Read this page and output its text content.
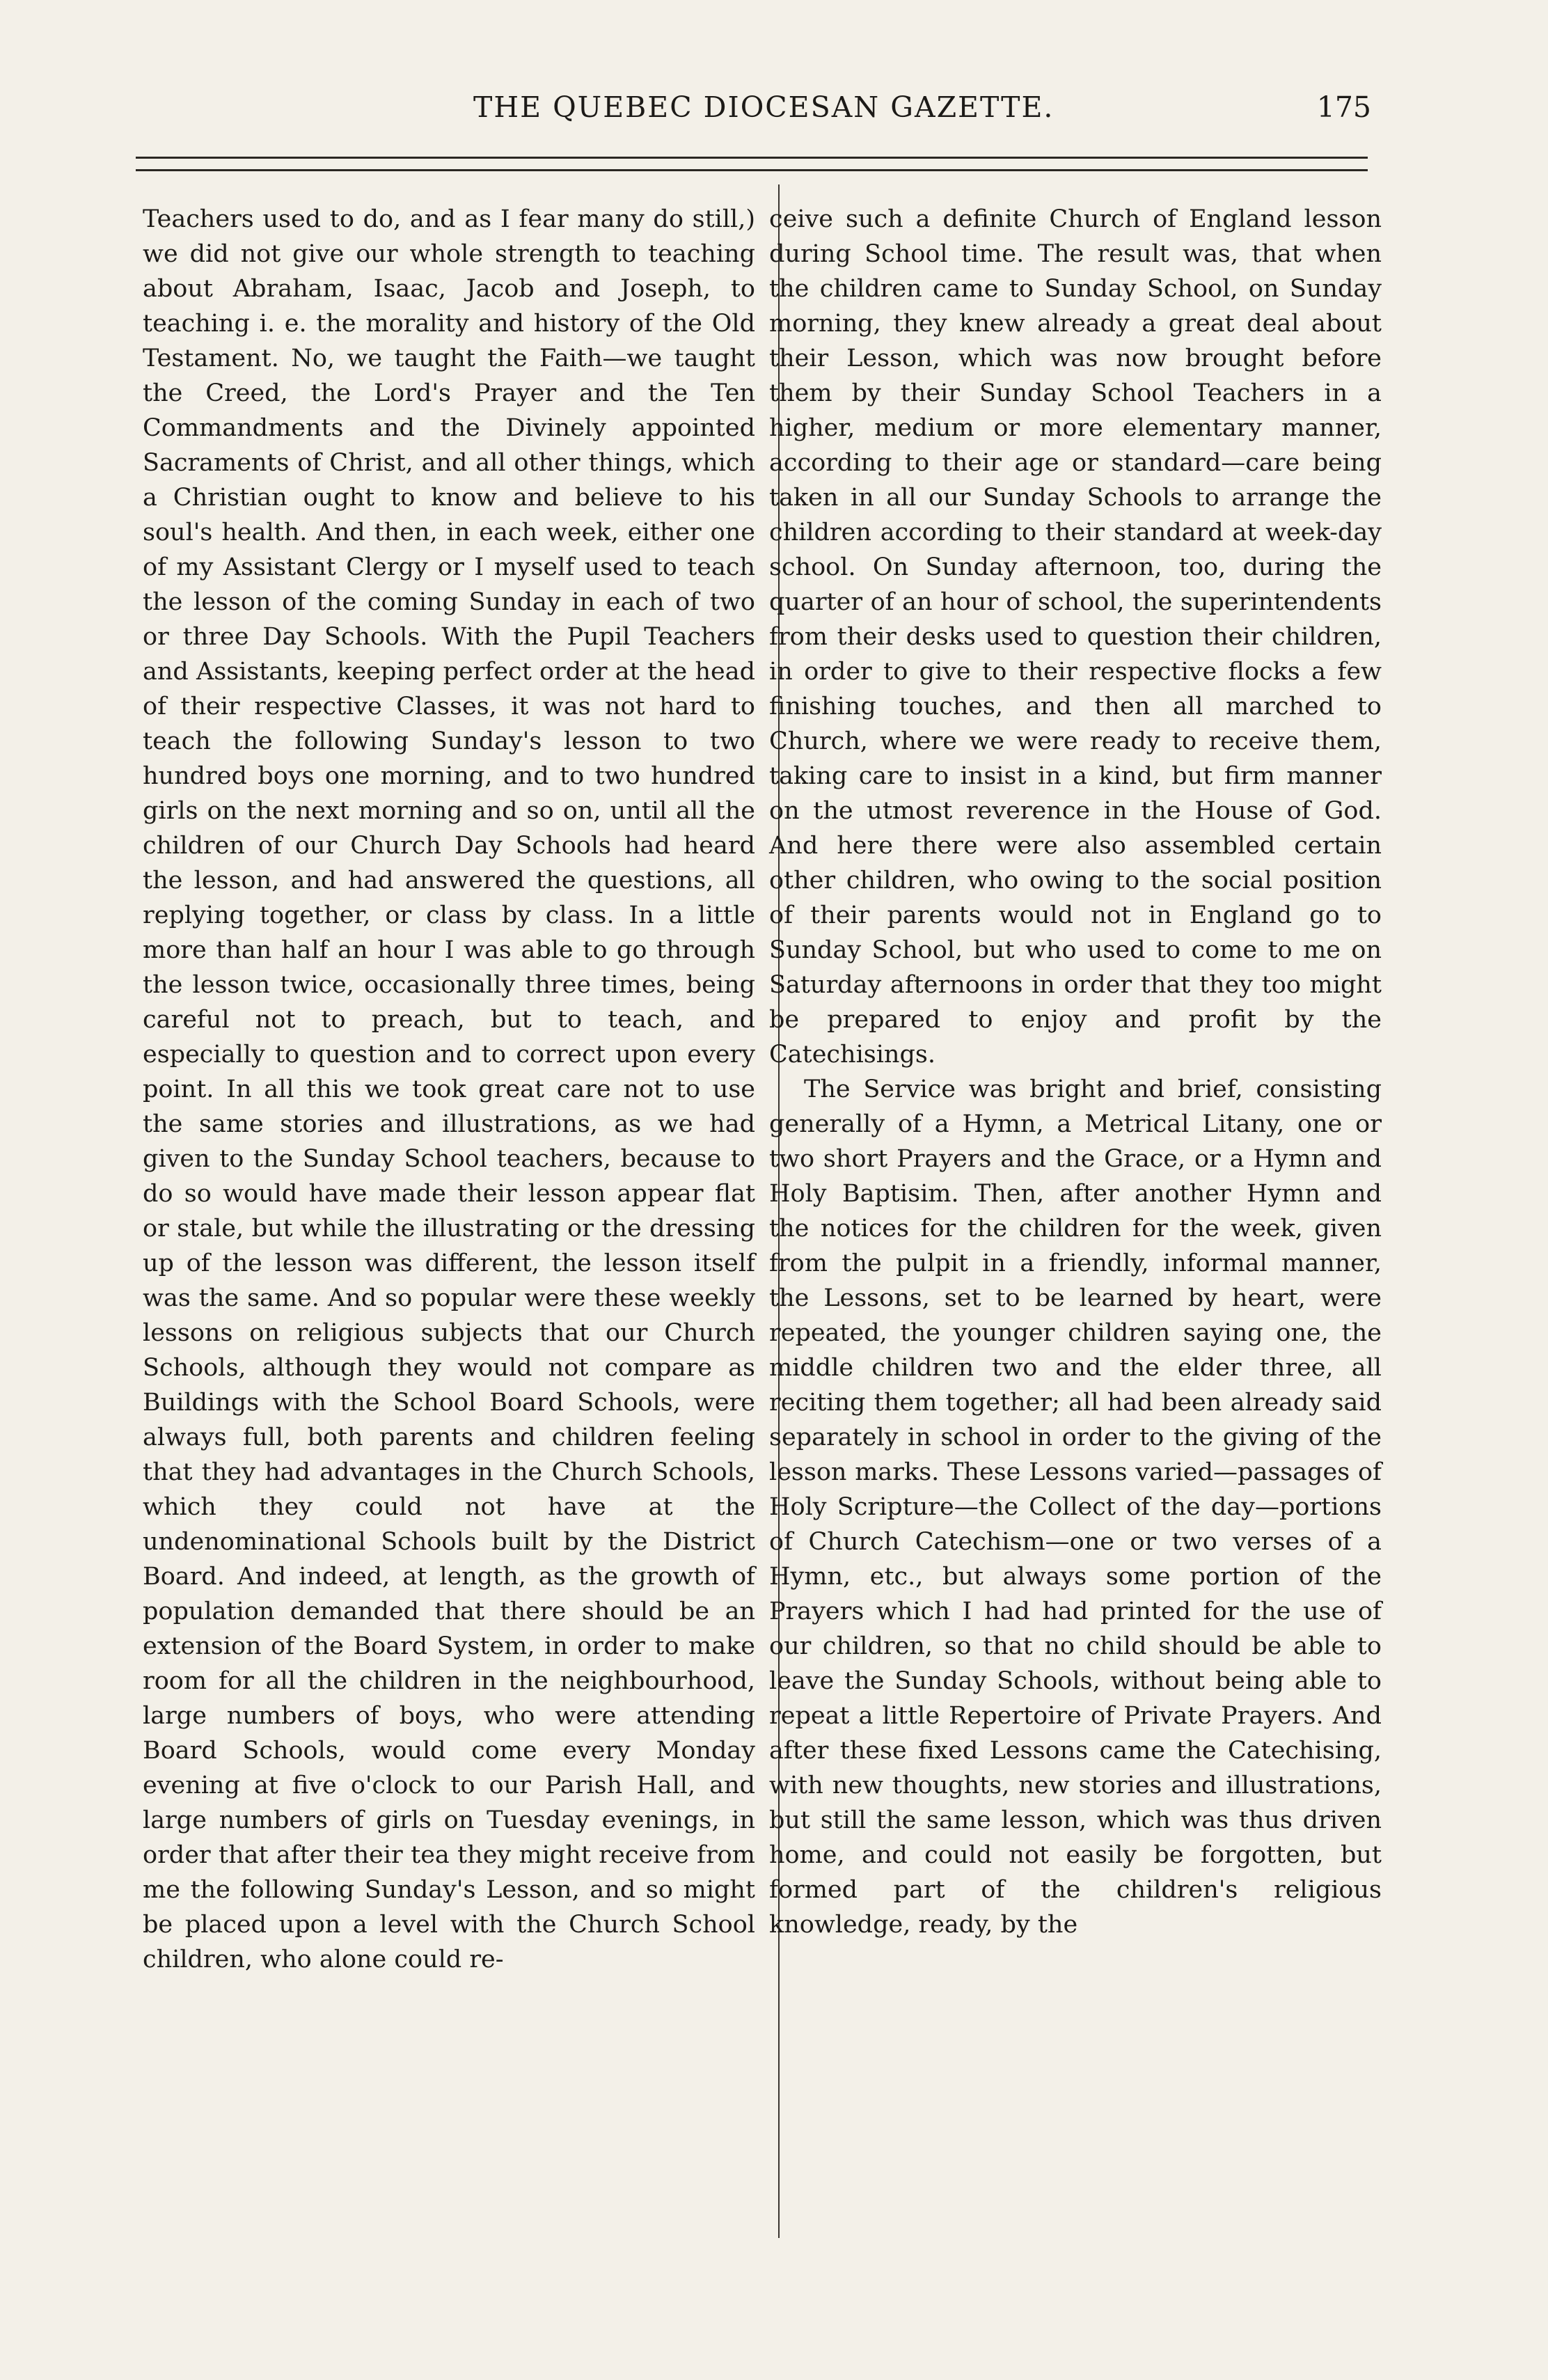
THE QUEBEC DIOCESAN GAZETTE.	175

Teachers used to do, and as I fear many do still,) we did not give our whole strength to teaching about Abraham, Isaac, Jacob and Joseph, to teaching i. e. the morality and history of the Old Testament. No, we taught the Faith—we taught the Creed, the Lord's Prayer and the Ten Commandments and the Divinely appointed Sacraments of Christ, and all other things, which a Christian ought to know and believe to his soul's health. And then, in each week, either one of my Assistant Clergy or I myself used to teach the lesson of the coming Sunday in each of two or three Day Schools. With the Pupil Teachers and Assistants, keeping perfect order at the head of their respective Classes, it was not hard to teach the following Sunday's lesson to two hundred boys one morning, and to two hundred girls on the next morning and so on, until all the children of our Church Day Schools had heard the lesson, and had answered the questions, all replying together, or class by class. In a little more than half an hour I was able to go through the lesson twice, occasionally three times, being careful not to preach, but to teach, and especially to question and to correct upon every point. In all this we took great care not to use the same stories and illustrations, as we had given to the Sunday School teachers, because to do so would have made their lesson appear flat or stale, but while the illustrating or the dressing up of the lesson was different, the lesson itself was the same. And so popular were these weekly lessons on religious subjects that our Church Schools, although they would not compare as Buildings with the School Board Schools, were always full, both parents and children feeling that they had advantages in the Church Schools, which they could not have at the undenominational Schools built by the District Board. And indeed, at length, as the growth of population demanded that there should be an extension of the Board System, in order to make room for all the children in the neighbourhood, large numbers of boys, who were attending Board Schools, would come every Monday evening at five o'clock to our Parish Hall, and large numbers of girls on Tuesday evenings, in order that after their tea they might receive from me the following Sunday's Lesson, and so might be placed upon a level with the Church School children, who alone could re-

ceive such a definite Church of England lesson during School time. The result was, that when the children came to Sunday School, on Sunday morning, they knew already a great deal about their Lesson, which was now brought before them by their Sunday School Teachers in a higher, medium or more elementary manner, according to their age or standard—care being taken in all our Sunday Schools to arrange the children according to their standard at week-day school. On Sunday afternoon, too, during the quarter of an hour of school, the superintendents from their desks used to question their children, in order to give to their respective flocks a few finishing touches, and then all marched to Church, where we were ready to receive them, taking care to insist in a kind, but firm manner on the utmost reverence in the House of God. And here there were also assembled certain other children, who owing to the social position of their parents would not in England go to Sunday School, but who used to come to me on Saturday afternoons in order that they too might be prepared to enjoy and profit by the Catechisings.

The Service was bright and brief, consisting generally of a Hymn, a Metrical Litany, one or two short Prayers and the Grace, or a Hymn and Holy Baptisim. Then, after another Hymn and the notices for the children for the week, given from the pulpit in a friendly, informal manner, the Lessons, set to be learned by heart, were repeated, the younger children saying one, the middle children two and the elder three, all reciting them together; all had been already said separately in school in order to the giving of the lesson marks. These Lessons varied—passages of Holy Scripture—the Collect of the day—portions of Church Catechism—one or two verses of a Hymn, etc., but always some portion of the Prayers which I had had printed for the use of our children, so that no child should be able to leave the Sunday Schools, without being able to repeat a little Repertoire of Private Prayers. And after these fixed Lessons came the Catechising, with new thoughts, new stories and illustrations, but still the same lesson, which was thus driven home, and could not easily be forgotten, but formed part of the children's religious knowledge, ready, by the
